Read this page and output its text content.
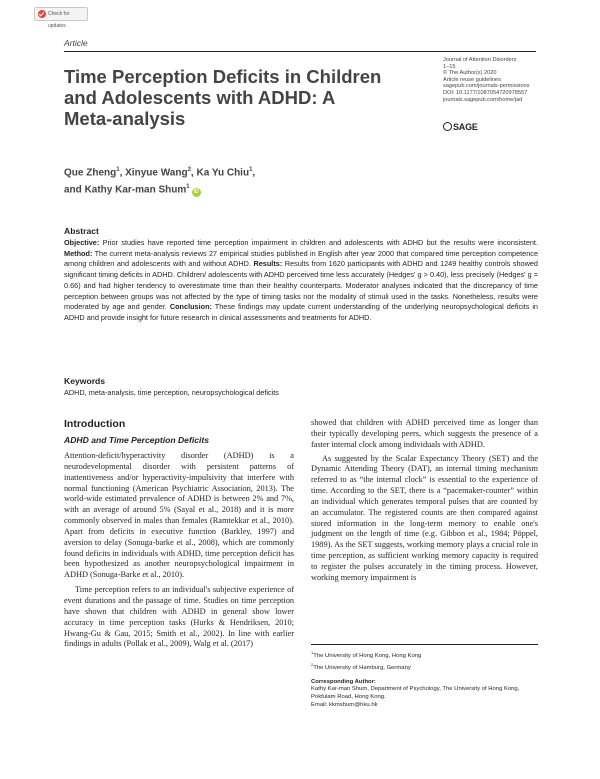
Check for updates
Article
Time Perception Deficits in Children and Adolescents with ADHD: A Meta-analysis
Journal of Attention Disorders
1–15
© The Author(s) 2020
Article reuse guidelines:
sagepub.com/journals-permissions
DOI: 10.1177/1087054720978557
journals.sagepub.com/home/jad
SAGE
Que Zheng$^1$, Xinyue Wang$^2$, Ka Yu Chiu$^1$,
and Kathy Kar-man Shum$^1$iD
Abstract

Objective: Prior studies have reported time perception impairment in children and adolescents with ADHD but the results were inconsistent. Method: The current meta-analysis reviews 27 empirical studies published in English after year 2000 that compared time perception competence among children and adolescents with and without ADHD. Results: Results from 1620 participants with ADHD and 1249 healthy controls showed significant timing deficits in ADHD. Children/ adolescents with ADHD perceived time less accurately (Hedges' g > 0.40), less precisely (Hedges' g = 0.66) and had higher tendency to overestimate time than their healthy counterparts. Moderator analyses indicated that the discrepancy of time perception between groups was not affected by the type of timing tasks nor the modality of stimuli used in the tasks. Nonetheless, results were moderated by age and gender. Conclusion: These findings may update current understanding of the underlying neuropsychological deficits in ADHD and provide insight for future research in clinical assessments and treatments for ADHD.

Keywords
ADHD, meta-analysis, time perception, neuropsychological deficits
Introduction
ADHD and Time Perception Deficits

Attention-deficit/hyperactivity disorder (ADHD) is a neurodevelopmental disorder with persistent patterns of inattentiveness and/or hyperactivity-impulsivity that interfere with normal functioning (American Psychiatric Association, 2013). The world-wide estimated prevalence of ADHD is between 2% and 7%, with an average of around 5% (Sayal et al., 2018) and it is more commonly observed in males than females (Ramtekkar et al., 2010). Apart from deficits in executive function (Barkley, 1997) and aversion to delay (Sonuga-barke et al., 2008), which are commonly found deficits in individuals with ADHD, time perception deficit has been hypothesized as another neuropsychological impairment in ADHD (Sonuga-Barke et al., 2010).

Time perception refers to an individual's subjective experience of event durations and the passage of time. Studies on time perception have shown that children with ADHD in general show lower accuracy in time perception tasks (Hurks & Hendriksen, 2010; Hwang-Gu & Gau, 2015; Smith et al., 2002). In line with earlier findings in adults (Pollak et al., 2009), Walg et al. (2017)

showed that children with ADHD perceived time as longer than their typically developing peers, which suggests the presence of a faster internal clock among individuals with ADHD.

As suggested by the Scalar Expectancy Theory (SET) and the Dynamic Attending Theory (DAT), an internal timing mechanism referred to as “the internal clock” is essential to the experience of time. According to the SET, there is a “pacemaker-counter” within an individual which generates temporal pulses that are counted by an accumulator. The registered counts are then compared against stored information in the long-term memory to enable one's judgment on the length of time (e.g. Gibbon et al., 1984; Pöppel, 1989). As the SET suggests, working memory plays a crucial role in time perception, as sufficient working memory capacity is required to register the pulses accurately in the timing process. However, working memory impairment is

$^1$The University of Hong Kong, Hong Kong
$^2$The University of Hamburg, Germany
Corresponding Author:
Kathy Kar-man Shum, Department of Psychology, The University of Hong Kong, Pokfulam Road, Hong Kong.
Email: kkmshum@hku.hk
